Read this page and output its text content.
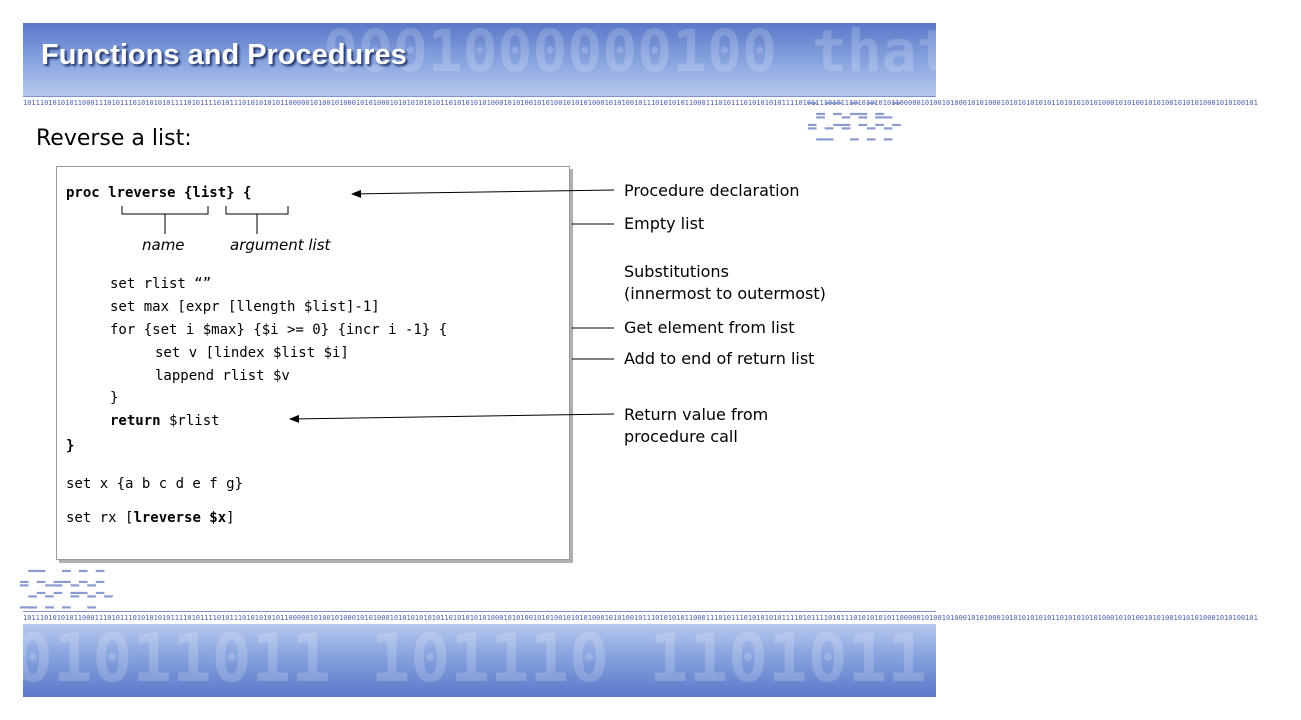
0001000000100 that rec 01011
Functions and Procedures
10111010101011000111010111010101010111101011110101110101010101100000101001010001010100010101010101011010101010100010101001010100101010100010101001011101010101100011101011101010101011110101111010111010101010110000010100101000101010001010101010101101010101010001010100101010010101010001010100101
▔▁▔▔▁▔▁▔▁▁▔
▁▔▁▔▁▔▔▁▔▁
▔▁▁▔▔▁▔▁▔▁▔
Reverse a list:
proc lreverse {list} {
name	argument list
set rlist “”
set max [expr [llength $list]-1]
for {set i $max} {$i >= 0} {incr i -1} {
set v [lindex $list $i]
lappend rlist $v
}
return $rlist
}
set x {a b c d e f g}
set rx [lreverse $x]
Procedure declaration
Empty list
Substitutions
(innermost to outermost)
Get element from list
Add to end of return list
Return value from
procedure call
▁▔▔▁▁▔▁▔▁▔
▔▁▔▁▔▔▁▔▁▔▁
▁▁▔▁▔▁▔▔▁▔
10111010101011000111010111010101010111101011110101110101010101100000101001010001010100010101010101011010101010100010101001010100101010100010101001011101010101100011101011101010101011110101111010111010101010110000010100101000101010001010101010101101010101010001010100101010010101010001010100101
01011011 101110 1101011
